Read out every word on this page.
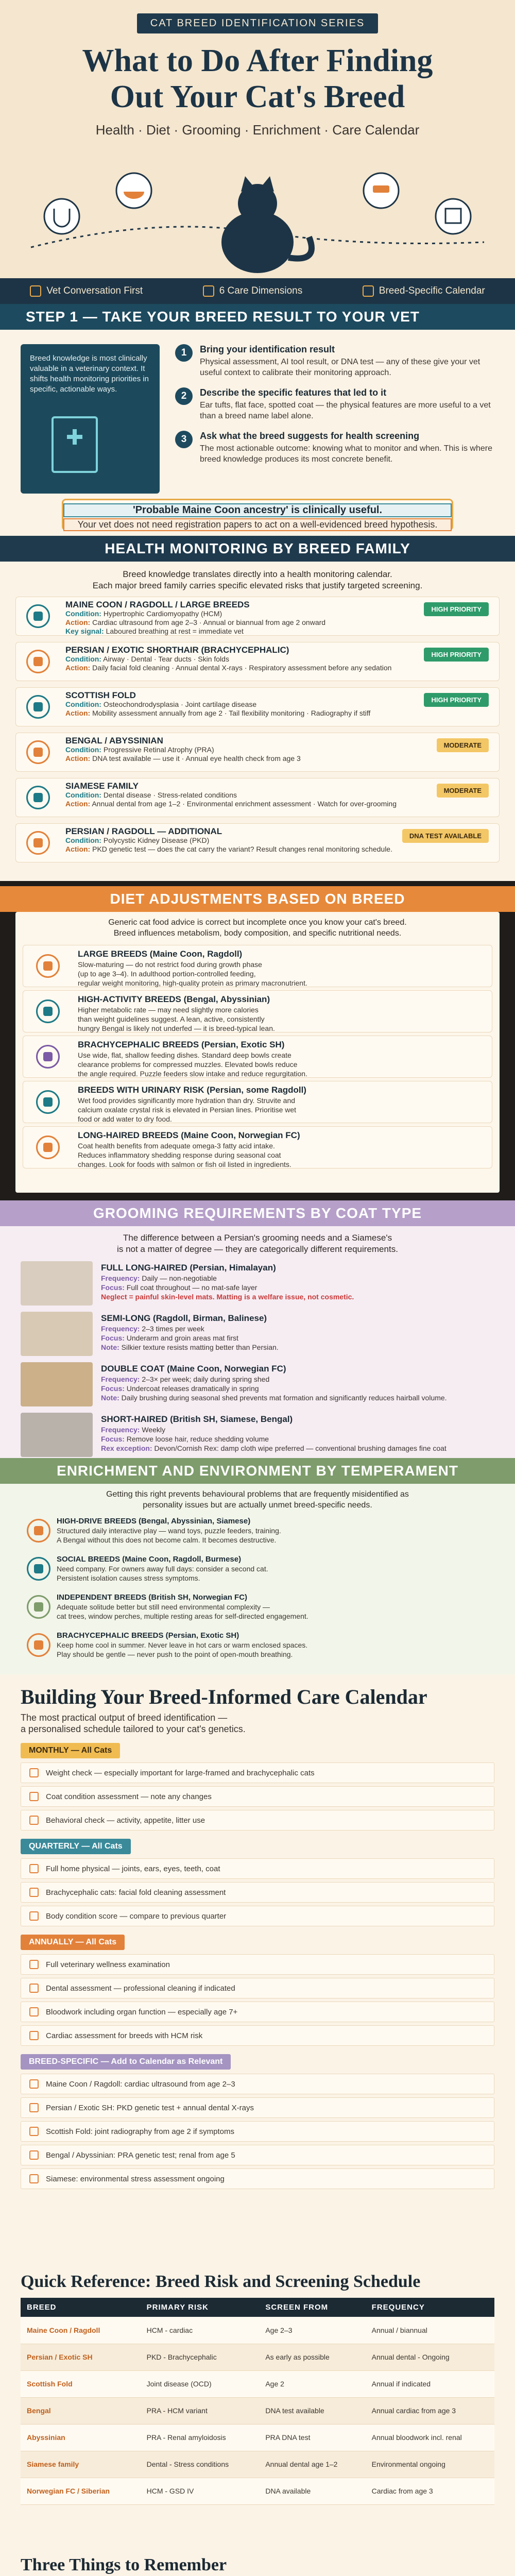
CAT BREED IDENTIFICATION SERIES
What to Do After Finding
Out Your Cat's Breed
Health · Diet · Grooming · Enrichment · Care Calendar
Vet Conversation First	6 Care Dimensions	Breed-Specific Calendar
STEP 1 — TAKE YOUR BREED RESULT TO YOUR VET
Breed knowledge is most clinically valuable in a veterinary context. It shifts health monitoring priorities in specific, actionable ways.
1	Bring your identification result
Physical assessment, AI tool result, or DNA test — any of these give your vet useful context to calibrate their monitoring approach.
2	Describe the specific features that led to it
Ear tufts, flat face, spotted coat — the physical features are more useful to a vet than a breed name label alone.
3	Ask what the breed suggests for health screening
The most actionable outcome: knowing what to monitor and when. This is where breed knowledge produces its most concrete benefit.
'Probable Maine Coon ancestry' is clinically useful.
Your vet does not need registration papers to act on a well-evidenced breed hypothesis.
HEALTH MONITORING BY BREED FAMILY
Breed knowledge translates directly into a health monitoring calendar.
Each major breed family carries specific elevated risks that justify targeted screening.
MAINE COON / RAGDOLL / LARGE BREEDS
Condition: Hypertrophic Cardiomyopathy (HCM)
Action: Cardiac ultrasound from age 2–3 · Annual or biannual from age 2 onward
Key signal: Laboured breathing at rest = immediate vet
HIGH PRIORITY
PERSIAN / EXOTIC SHORTHAIR (BRACHYCEPHALIC)
Condition: Airway · Dental · Tear ducts · Skin folds
Action: Daily facial fold cleaning · Annual dental X-rays · Respiratory assessment before any sedation
HIGH PRIORITY
SCOTTISH FOLD
Condition: Osteochondrodysplasia · Joint cartilage disease
Action: Mobility assessment annually from age 2 · Tail flexibility monitoring · Radiography if stiff
HIGH PRIORITY
BENGAL / ABYSSINIAN
Condition: Progressive Retinal Atrophy (PRA)
Action: DNA test available — use it · Annual eye health check from age 3
MODERATE
SIAMESE FAMILY
Condition: Dental disease · Stress-related conditions
Action: Annual dental from age 1–2 · Environmental enrichment assessment · Watch for over-grooming
MODERATE
PERSIAN / RAGDOLL — ADDITIONAL
Condition: Polycystic Kidney Disease (PKD)
Action: PKD genetic test — does the cat carry the variant? Result changes renal monitoring schedule.
DNA TEST AVAILABLE
DIET ADJUSTMENTS BASED ON BREED
Generic cat food advice is correct but incomplete once you know your cat's breed.
Breed influences metabolism, body composition, and specific nutritional needs.
LARGE BREEDS (Maine Coon, Ragdoll)
Slow-maturing — do not restrict food during growth phase
(up to age 3–4). In adulthood portion-controlled feeding,
regular weight monitoring, high-quality protein as primary macronutrient.
HIGH-ACTIVITY BREEDS (Bengal, Abyssinian)
Higher metabolic rate — may need slightly more calories
than weight guidelines suggest. A lean, active, consistently
hungry Bengal is likely not underfed — it is breed-typical lean.
BRACHYCEPHALIC BREEDS (Persian, Exotic SH)
Use wide, flat, shallow feeding dishes. Standard deep bowls create
clearance problems for compressed muzzles. Elevated bowls reduce
the angle required. Puzzle feeders slow intake and reduce regurgitation.
BREEDS WITH URINARY RISK (Persian, some Ragdoll)
Wet food provides significantly more hydration than dry. Struvite and
calcium oxalate crystal risk is elevated in Persian lines. Prioritise wet
food or add water to dry food.
LONG-HAIRED BREEDS (Maine Coon, Norwegian FC)
Coat health benefits from adequate omega-3 fatty acid intake.
Reduces inflammatory shedding response during seasonal coat
changes. Look for foods with salmon or fish oil listed in ingredients.
GROOMING REQUIREMENTS BY COAT TYPE
The difference between a Persian's grooming needs and a Siamese's
is not a matter of degree — they are categorically different requirements.
FULL LONG-HAIRED (Persian, Himalayan)
Frequency: Daily — non-negotiable
Focus: Full coat throughout — no mat-safe layer
Neglect = painful skin-level mats. Matting is a welfare issue, not cosmetic.
SEMI-LONG (Ragdoll, Birman, Balinese)
Frequency: 2–3 times per week
Focus: Underarm and groin areas mat first
Note: Silkier texture resists matting better than Persian.
DOUBLE COAT (Maine Coon, Norwegian FC)
Frequency: 2–3× per week; daily during spring shed
Focus: Undercoat releases dramatically in spring
Note: Daily brushing during seasonal shed prevents mat formation and significantly reduces hairball volume.
SHORT-HAIRED (British SH, Siamese, Bengal)
Frequency: Weekly
Focus: Remove loose hair, reduce shedding volume
Rex exception: Devon/Cornish Rex: damp cloth wipe preferred — conventional brushing damages fine coat
ENRICHMENT AND ENVIRONMENT BY TEMPERAMENT
Getting this right prevents behavioural problems that are frequently misidentified as
personality issues but are actually unmet breed-specific needs.
HIGH-DRIVE BREEDS (Bengal, Abyssinian, Siamese)
Structured daily interactive play — wand toys, puzzle feeders, training.
A Bengal without this does not become calm. It becomes destructive.
SOCIAL BREEDS (Maine Coon, Ragdoll, Burmese)
Need company. For owners away full days: consider a second cat.
Persistent isolation causes stress symptoms.
INDEPENDENT BREEDS (British SH, Norwegian FC)
Adequate solitude better but still need environmental complexity —
cat trees, window perches, multiple resting areas for self-directed engagement.
BRACHYCEPHALIC BREEDS (Persian, Exotic SH)
Keep home cool in summer. Never leave in hot cars or warm enclosed spaces.
Play should be gentle — never push to the point of open-mouth breathing.
Building Your Breed-Informed Care Calendar
The most practical output of breed identification —
a personalised schedule tailored to your cat's genetics.
MONTHLY — All Cats
Weight check — especially important for large-framed and brachycephalic cats
Coat condition assessment — note any changes
Behavioral check — activity, appetite, litter use
QUARTERLY — All Cats
Full home physical — joints, ears, eyes, teeth, coat
Brachycephalic cats: facial fold cleaning assessment
Body condition score — compare to previous quarter
ANNUALLY — All Cats
Full veterinary wellness examination
Dental assessment — professional cleaning if indicated
Bloodwork including organ function — especially age 7+
Cardiac assessment for breeds with HCM risk
BREED-SPECIFIC — Add to Calendar as Relevant
Maine Coon / Ragdoll: cardiac ultrasound from age 2–3
Persian / Exotic SH: PKD genetic test + annual dental X-rays
Scottish Fold: joint radiography from age 2 if symptoms
Bengal / Abyssinian: PRA genetic test; renal from age 5
Siamese: environmental stress assessment ongoing
Quick Reference: Breed Risk and Screening Schedule
BREED	PRIMARY RISK	SCREEN FROM	FREQUENCY
Maine Coon / Ragdoll	HCM - cardiac	Age 2–3	Annual / biannual
Persian / Exotic SH	PKD - Brachycephalic	As early as possible	Annual dental - Ongoing
Scottish Fold	Joint disease (OCD)	Age 2	Annual if indicated
Bengal	PRA - HCM variant	DNA test available	Annual cardiac from age 3
Abyssinian	PRA - Renal amyloidosis	PRA DNA test	Annual bloodwork incl. renal
Siamese family	Dental - Stress conditions	Annual dental age 1–2	Environmental ongoing
Norwegian FC / Siberian	HCM - GSD IV	DNA available	Cardiac from age 3
Three Things to Remember
